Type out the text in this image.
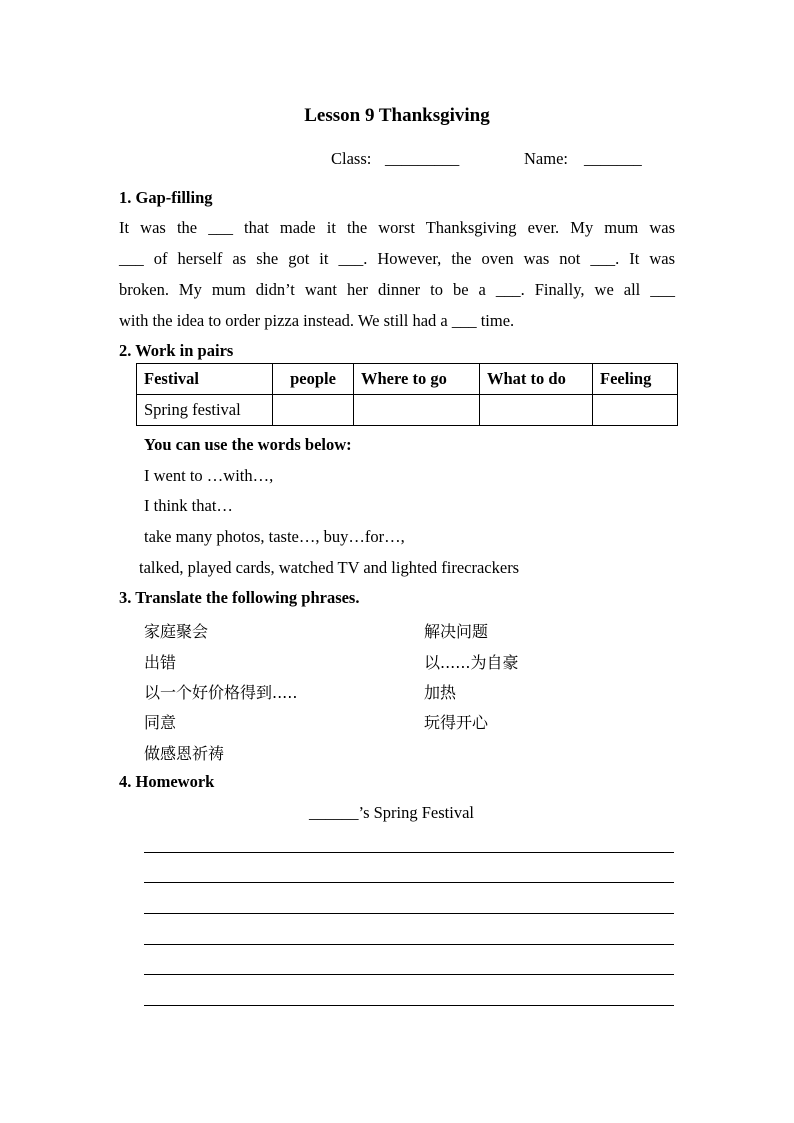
Lesson 9 Thanksgiving
Class: _________	Name: _______
1. Gap-filling
It was the ___ that made it the worst Thanksgiving ever. My mum was
___ of herself as she got it ___. However, the oven was not ___. It was
broken. My mum didn’t want her dinner to be a ___. Finally, we all ___
with the idea to order pizza instead. We still had a ___ time.
2. Work in pairs
Festival	people	Where to go	What to do	Feeling
Spring festival				
You can use the words below:
I went to …with…,
I think that…
take many photos, taste…, buy…for…,
talked, played cards, watched TV and lighted firecrackers
3. Translate the following phrases.
家庭聚会
出错
以一个好价格得到.....
同意
做感恩祈祷
解决问题
以......为自豪
加热
玩得开心
4. Homework
______’s Spring Festival
